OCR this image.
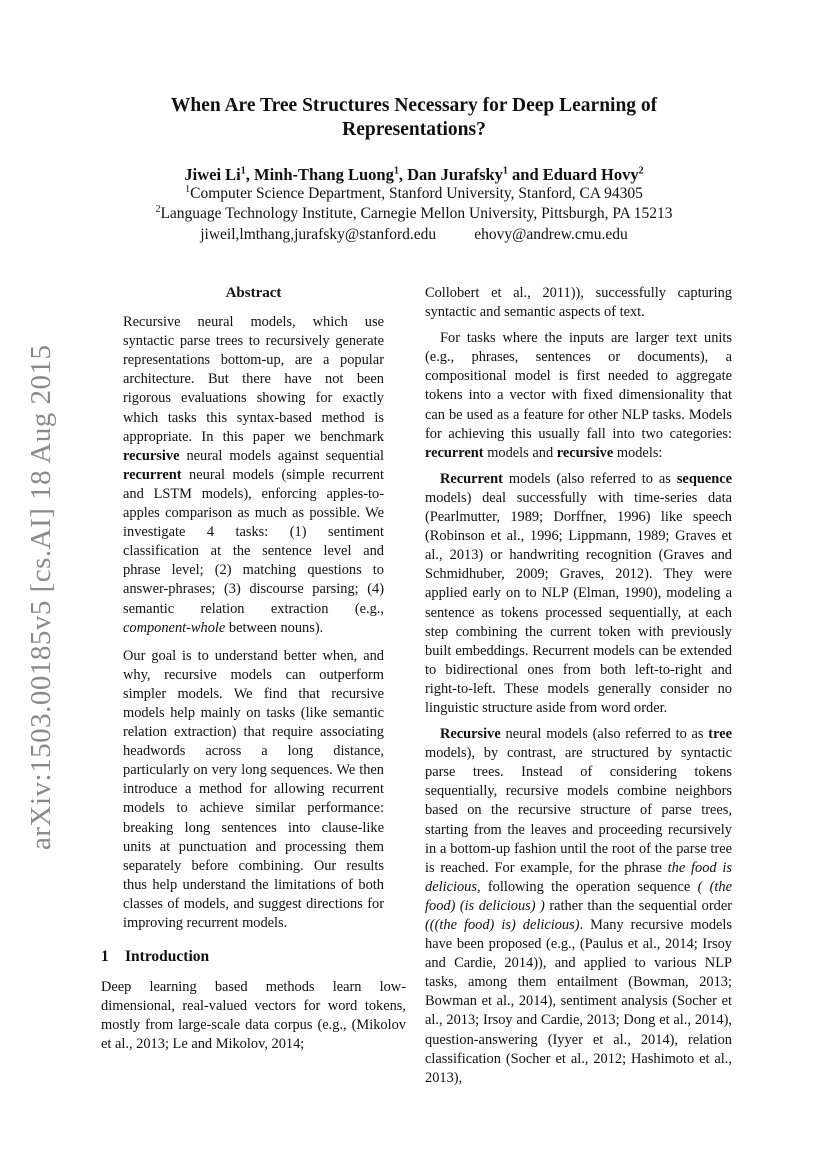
When Are Tree Structures Necessary for Deep Learning of
Representations?
Jiwei Li$^1$, Minh-Thang Luong$^1$, Dan Jurafsky$^1$ and Eduard Hovy$^2$
$^1$Computer Science Department, Stanford University, Stanford, CA 94305
$^2$Language Technology Institute, Carnegie Mellon University, Pittsburgh, PA 15213
jiweil,lmthang,jurafsky@stanford.edu ehovy@andrew.cmu.edu
arXiv:1503.00185v5 [cs.AI] 18 Aug 2015
Abstract

Recursive neural models, which use syntactic parse trees to recursively generate representations bottom-up, are a popular architecture. But there have not been rigorous evaluations showing for exactly which tasks this syntax-based method is appropriate. In this paper we benchmark recursive neural models against sequential recurrent neural models (simple recurrent and LSTM models), enforcing apples-to-apples comparison as much as possible. We investigate 4 tasks: (1) sentiment classification at the sentence level and phrase level; (2) matching questions to answer-phrases; (3) discourse parsing; (4) semantic relation extraction (e.g., component-whole between nouns).

Our goal is to understand better when, and why, recursive models can outperform simpler models. We find that recursive models help mainly on tasks (like semantic relation extraction) that require associating headwords across a long distance, particularly on very long sequences. We then introduce a method for allowing recurrent models to achieve similar performance: breaking long sentences into clause-like units at punctuation and processing them separately before combining. Our results thus help understand the limitations of both classes of models, and suggest directions for improving recurrent models.

1 Introduction

Deep learning based methods learn low-dimensional, real-valued vectors for word tokens, mostly from large-scale data corpus (e.g., (Mikolov et al., 2013; Le and Mikolov, 2014;

Collobert et al., 2011)), successfully capturing syntactic and semantic aspects of text.

For tasks where the inputs are larger text units (e.g., phrases, sentences or documents), a compositional model is first needed to aggregate tokens into a vector with fixed dimensionality that can be used as a feature for other NLP tasks. Models for achieving this usually fall into two categories: recurrent models and recursive models:

Recurrent models (also referred to as sequence models) deal successfully with time-series data (Pearlmutter, 1989; Dorffner, 1996) like speech (Robinson et al., 1996; Lippmann, 1989; Graves et al., 2013) or handwriting recognition (Graves and Schmidhuber, 2009; Graves, 2012). They were applied early on to NLP (Elman, 1990), modeling a sentence as tokens processed sequentially, at each step combining the current token with previously built embeddings. Recurrent models can be extended to bidirectional ones from both left-to-right and right-to-left. These models generally consider no linguistic structure aside from word order.

Recursive neural models (also referred to as tree models), by contrast, are structured by syntactic parse trees. Instead of considering tokens sequentially, recursive models combine neighbors based on the recursive structure of parse trees, starting from the leaves and proceeding recursively in a bottom-up fashion until the root of the parse tree is reached. For example, for the phrase the food is delicious, following the operation sequence ( (the food) (is delicious) ) rather than the sequential order (((the food) is) delicious). Many recursive models have been proposed (e.g., (Paulus et al., 2014; Irsoy and Cardie, 2014)), and applied to various NLP tasks, among them entailment (Bowman, 2013; Bowman et al., 2014), sentiment analysis (Socher et al., 2013; Irsoy and Cardie, 2013; Dong et al., 2014), question-answering (Iyyer et al., 2014), relation classification (Socher et al., 2012; Hashimoto et al., 2013),
